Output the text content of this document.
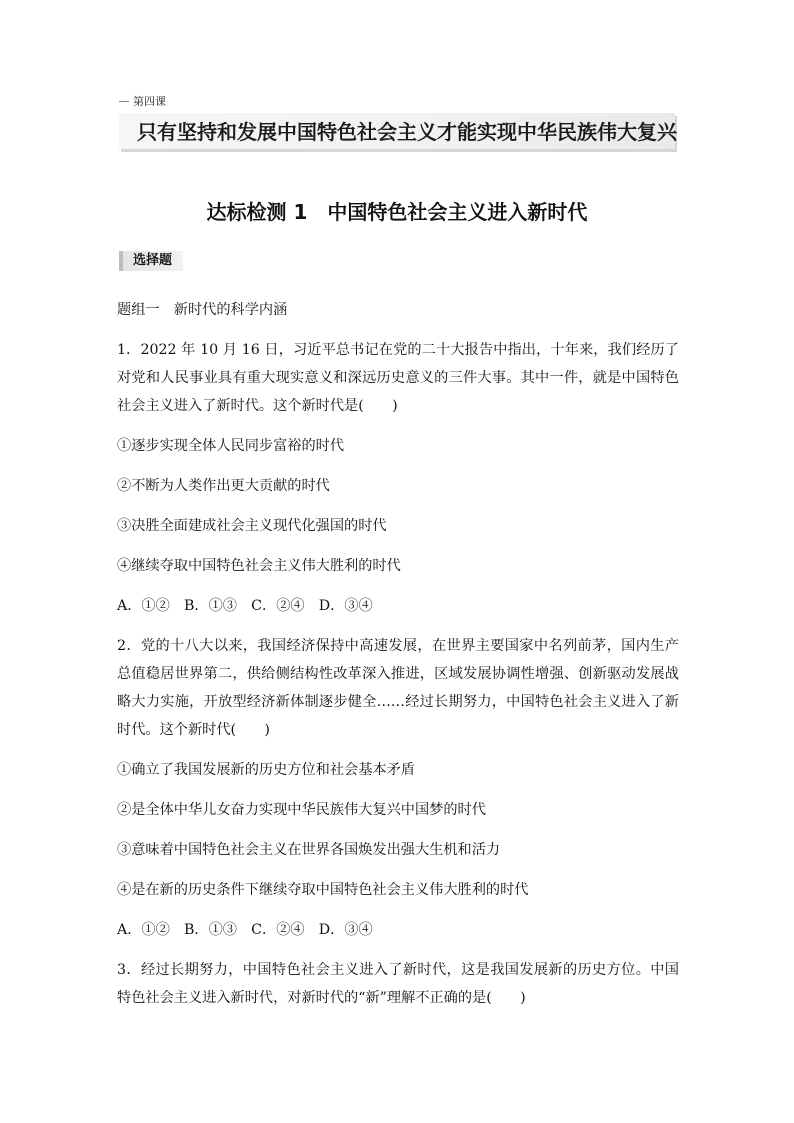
第四课
只有坚持和发展中国特色社会主义才能实现中华民族伟大复兴
达标检测 1　中国特色社会主义进入新时代
选择题

题组一　新时代的科学内涵

1．2022 年 10 月 16 日，习近平总书记在党的二十大报告中指出，十年来，我们经历了对党和人民事业具有重大现实意义和深远历史意义的三件大事。其中一件，就是中国特色社会主义进入了新时代。这个新时代是(　　)

①逐步实现全体人民同步富裕的时代

②不断为人类作出更大贡献的时代

③决胜全面建成社会主义现代化强国的时代

④继续夺取中国特色社会主义伟大胜利的时代

A．①②　B．①③　C．②④　D．③④

2．党的十八大以来，我国经济保持中高速发展，在世界主要国家中名列前茅，国内生产总值稳居世界第二，供给侧结构性改革深入推进，区域发展协调性增强、创新驱动发展战略大力实施，开放型经济新体制逐步健全……经过长期努力，中国特色社会主义进入了新时代。这个新时代(　　)

①确立了我国发展新的历史方位和社会基本矛盾

②是全体中华儿女奋力实现中华民族伟大复兴中国梦的时代

③意味着中国特色社会主义在世界各国焕发出强大生机和活力

④是在新的历史条件下继续夺取中国特色社会主义伟大胜利的时代

A．①②　B．①③　C．②④　D．③④

3．经过长期努力，中国特色社会主义进入了新时代，这是我国发展新的历史方位。中国特色社会主义进入新时代，对新时代的“新”理解不正确的是(　　)
